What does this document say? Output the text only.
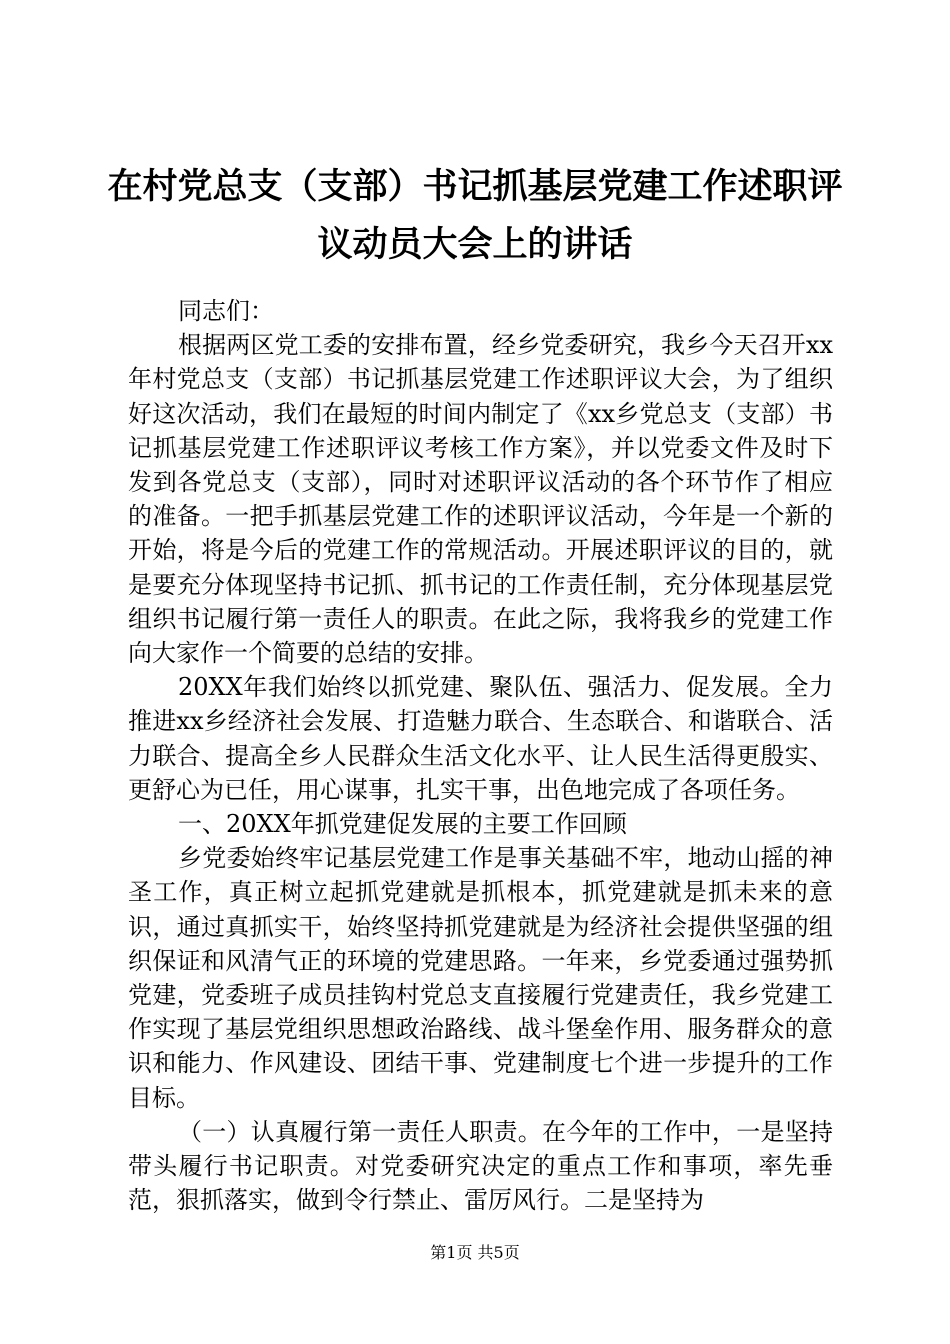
在村党总支（支部）书记抓基层党建工作述职评议动员大会上的讲话

同志们：

根据两区党工委的安排布置，经乡党委研究，我乡今天召开xx年村党总支（支部）书记抓基层党建工作述职评议大会，为了组织好这次活动，我们在最短的时间内制定了《xx乡党总支（支部）书记抓基层党建工作述职评议考核工作方案》，并以党委文件及时下发到各党总支（支部），同时对述职评议活动的各个环节作了相应的准备。一把手抓基层党建工作的述职评议活动，今年是一个新的开始，将是今后的党建工作的常规活动。开展述职评议的目的，就是要充分体现坚持书记抓、抓书记的工作责任制，充分体现基层党组织书记履行第一责任人的职责。在此之际，我将我乡的党建工作向大家作一个简要的总结的安排。

20XX年我们始终以抓党建、聚队伍、强活力、促发展。全力推进xx乡经济社会发展、打造魅力联合、生态联合、和谐联合、活力联合、提高全乡人民群众生活文化水平、让人民生活得更殷实、更舒心为已任，用心谋事，扎实干事，出色地完成了各项任务。

一、20XX年抓党建促发展的主要工作回顾

乡党委始终牢记基层党建工作是事关基础不牢，地动山摇的神圣工作，真正树立起抓党建就是抓根本，抓党建就是抓未来的意识，通过真抓实干，始终坚持抓党建就是为经济社会提供坚强的组织保证和风清气正的环境的党建思路。一年来，乡党委通过强势抓党建，党委班子成员挂钩村党总支直接履行党建责任，我乡党建工作实现了基层党组织思想政治路线、战斗堡垒作用、服务群众的意识和能力、作风建设、团结干事、党建制度七个进一步提升的工作目标。

（一）认真履行第一责任人职责。在今年的工作中，一是坚持带头履行书记职责。对党委研究决定的重点工作和事项，率先垂范，狠抓落实，做到令行禁止、雷厉风行。二是坚持为

第1页 共5页
